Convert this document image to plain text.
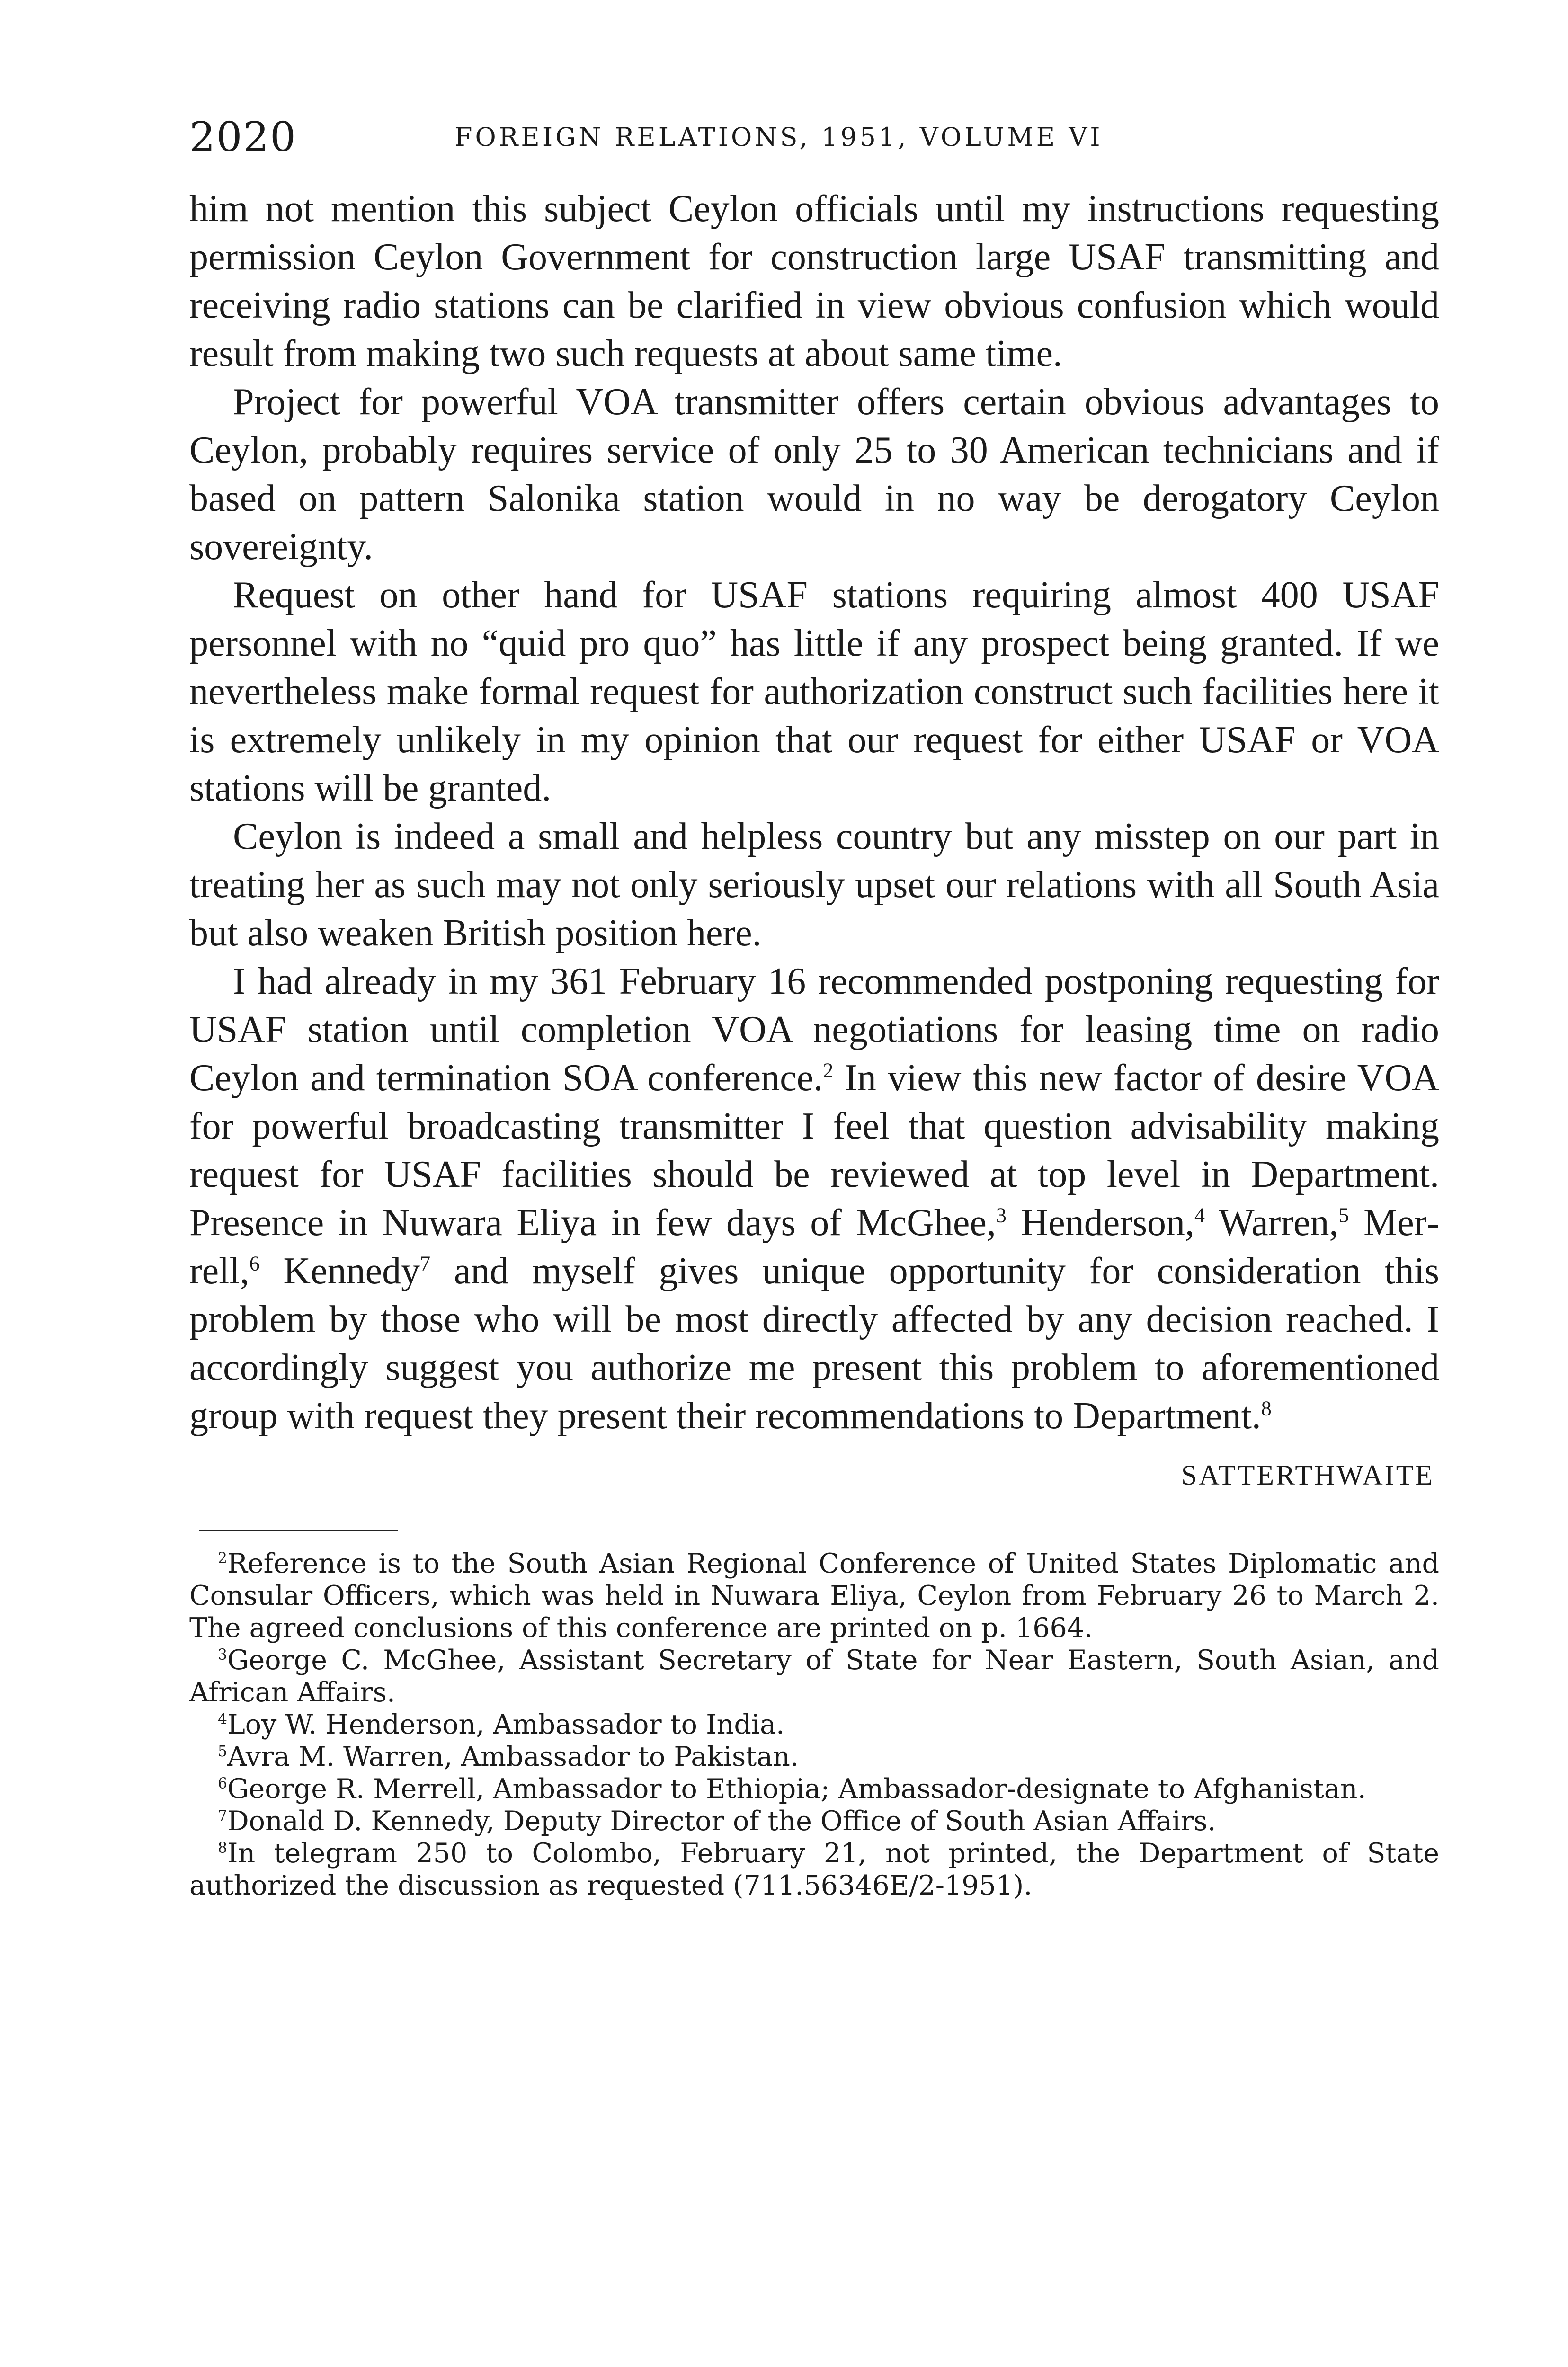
2020	FOREIGN RELATIONS, 1951, VOLUME VI

him not mention this subject Ceylon officials until my instructions requesting permission Ceylon Government for construction large USAF transmitting and receiving radio stations can be clarified in view obvious confusion which would result from making two such requests at about same time.

Project for powerful VOA transmitter offers certain obvious advantages to Ceylon, probably requires service of only 25 to 30 American technicians and if based on pattern Salonika station would in no way be derogatory Ceylon sovereignty.

Request on other hand for USAF stations requiring almost 400 USAF personnel with no “quid pro quo” has little if any prospect being granted. If we nevertheless make formal request for authorization construct such facilities here it is extremely unlikely in my opinion that our request for either USAF or VOA stations will be granted.

Ceylon is indeed a small and helpless country but any misstep on our part in treating her as such may not only seriously upset our relations with all South Asia but also weaken British position here.

I had already in my 361 February 16 recommended postponing requesting for USAF station until completion VOA negotiations for leasing time on radio Ceylon and termination SOA conference.$^2$ In view this new factor of desire VOA for powerful broadcasting transmitter I feel that question advisability making request for USAF facilities should be reviewed at top level in Department. Presence in Nuwara Eliya in few days of McGhee,$^3$ Henderson,$^4$ Warren,$^5$ Merrell,$^6$ Kennedy$^7$ and myself gives unique opportunity for consideration this problem by those who will be most directly affected by any decision reached. I accordingly suggest you authorize me present this problem to aforementioned group with request they present their recommendations to Department.$^8$

SATTERTHWAITE

$^2$Reference is to the South Asian Regional Conference of United States Diplomatic and Consular Officers, which was held in Nuwara Eliya, Ceylon from February 26 to March 2. The agreed conclusions of this conference are printed on p. 1664.

$^3$George C. McGhee, Assistant Secretary of State for Near Eastern, South Asian, and African Affairs.

$^4$Loy W. Henderson, Ambassador to India.

$^5$Avra M. Warren, Ambassador to Pakistan.

$^6$George R. Merrell, Ambassador to Ethiopia; Ambassador-designate to Afghanistan.

$^7$Donald D. Kennedy, Deputy Director of the Office of South Asian Affairs.

$^8$In telegram 250 to Colombo, February 21, not printed, the Department of State authorized the discussion as requested (711.56346E/2-1951).
